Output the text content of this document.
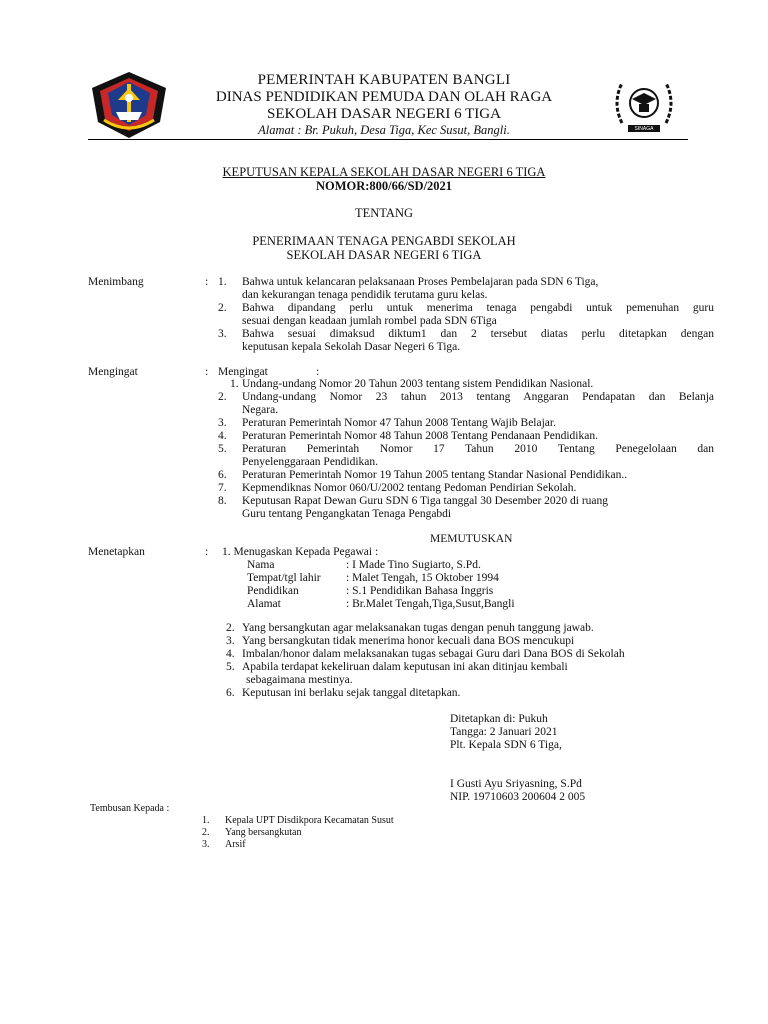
SINAGA
PEMERINTAH KABUPATEN BANGLI
DINAS PENDIDIKAN PEMUDA DAN OLAH RAGA
SEKOLAH DASAR NEGERI 6 TIGA
Alamat : Br. Pukuh, Desa Tiga, Kec Susut, Bangli.
KEPUTUSAN KEPALA SEKOLAH DASAR NEGERI 6 TIGA
NOMOR:800/66/SD/2021
TENTANG
PENERIMAAN TENAGA PENGABDI SEKOLAH
SEKOLAH DASAR NEGERI 6 TIGA
Menimbang	: 1. Bahwa untuk kelancaran pelaksanaan Proses Pembelajaran pada SDN 6 Tiga,
dan kekurangan tenaga pendidik terutama guru kelas.
2. Bahwa dipandang perlu untuk menerima tenaga pengabdi untuk pemenuhan guru
sesuai dengan keadaan jumlah rombel pada SDN 6Tiga
3. Bahwa sesuai dimaksud diktum1 dan 2 tersebut diatas perlu ditetapkan dengan
keputusan kepala Sekolah Dasar Negeri 6 Tiga.
Mengingat	: Mengingat	:
1. Undang-undang Nomor 20 Tahun 2003 tentang sistem Pendidikan Nasional.
2. Undang-undang Nomor 23 tahun 2013 tentang Anggaran Pendapatan dan Belanja
Negara.
3. Peraturan Pemerintah Nomor 47 Tahun 2008 Tentang Wajib Belajar.
4. Peraturan Pemerintah Nomor 48 Tahun 2008 Tentang Pendanaan Pendidikan.
5. Peraturan Pemerintah Nomor 17 Tahun 2010 Tentang Penegelolaan dan
Penyelenggaraan Pendidikan.
6. Peraturan Pemerintah Nomor 19 Tahun 2005 tentang Standar Nasional Pendidikan..
7. Kepmendiknas Nomor 060/U/2002 tentang Pedoman Pendirian Sekolah.
8. Keputusan Rapat Dewan Guru SDN 6 Tiga tanggal 30 Desember 2020 di ruang
Guru tentang Pengangkatan Tenaga Pengabdi
MEMUTUSKAN
Menetapkan	: 1. Menugaskan Kepada Pegawai :
Nama	: I Made Tino Sugiarto, S.Pd.
Tempat/tgl lahir : Malet Tengah, 15 Oktober 1994
Pendidikan	: S.1 Pendidikan Bahasa Inggris
Alamat	: Br.Malet Tengah,Tiga,Susut,Bangli
2. Yang bersangkutan agar melaksanakan tugas dengan penuh tanggung jawab.
3. Yang bersangkutan tidak menerima honor kecuali dana BOS mencukupi
4. Imbalan/honor dalam melaksanakan tugas sebagai Guru dari Dana BOS di Sekolah
5. Apabila terdapat kekeliruan dalam keputusan ini akan ditinjau kembali
sebagaimana mestinya.
6. Keputusan ini berlaku sejak tanggal ditetapkan.
Ditetapkan di: Pukuh
Tangga: 2 Januari 2021
Plt. Kepala SDN 6 Tiga,
I Gusti Ayu Sriyasning, S.Pd
NIP. 19710603 200604 2 005
Tembusan Kepada :
1. Kepala UPT Disdikpora Kecamatan Susut
2. Yang bersangkutan
3. Arsif
